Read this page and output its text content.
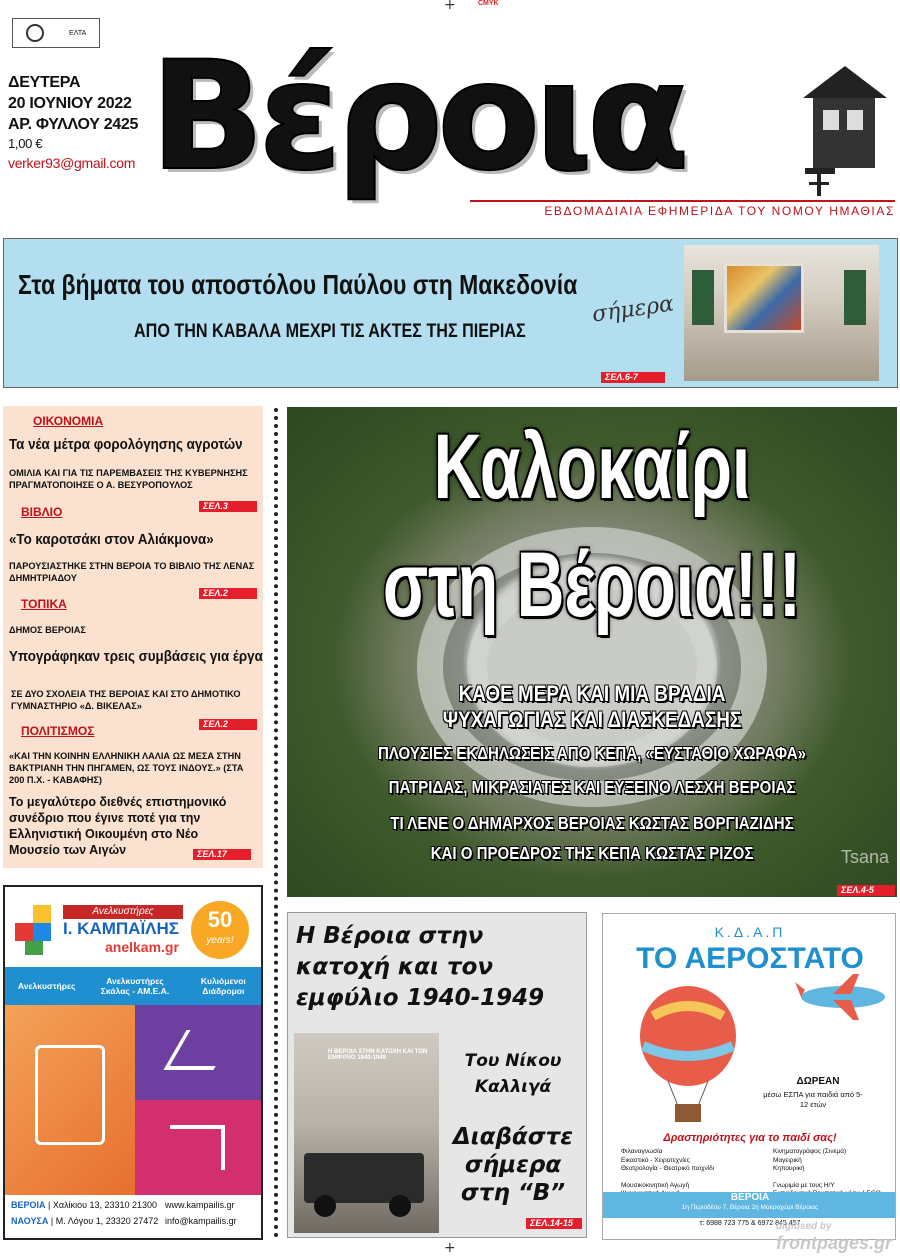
+	CMYK
ΕΛΤΑ
ΔΕΥΤΕΡΑ
20 ΙΟΥΝΙΟΥ 2022
ΑΡ. ΦΥΛΛΟΥ 2425
1,00 €
verker93@gmail.com Βέροια
ΕΒΔΟΜΑΔΙΑΙΑ ΕΦΗΜΕΡΙΔΑ ΤΟΥ ΝΟΜΟΥ ΗΜΑΘΙΑΣ
Στα βήματα του αποστόλου Παύλου στη Μακεδονία
σήμερα
ΑΠΟ ΤΗΝ ΚΑΒΑΛΑ ΜΕΧΡΙ ΤΙΣ ΑΚΤΕΣ ΤΗΣ ΠΙΕΡΙΑΣ
ΣΕΛ.6-7
ΟΙΚΟΝΟΜΙΑ
Τα νέα μέτρα φορολόγησης αγροτών
ΟΜΙΛΙΑ ΚΑΙ ΓΙΑ ΤΙΣ ΠΑΡΕΜΒΑΣΕΙΣ ΤΗΣ ΚΥΒΕΡΝΗΣΗΣ ΠΡΑΓΜΑΤΟΠΟΙΗΣΕ Ο Α. ΒΕΣΥΡΟΠΟΥΛΟΣ
ΣΕΛ.3
ΒΙΒΛΙΟ
«Το καροτσάκι στον Αλιάκμονα»
ΠΑΡΟΥΣΙΑΣΤΗΚΕ ΣΤΗΝ ΒΕΡΟΙΑ ΤΟ ΒΙΒΛΙΟ ΤΗΣ ΛΕΝΑΣ ΔΗΜΗΤΡΙΑΔΟΥ
ΣΕΛ.2
ΤΟΠΙΚΑ
ΔΗΜΟΣ ΒΕΡΟΙΑΣ
Υπογράφηκαν τρεις συμβάσεις για έργα
ΣΕ ΔΥΟ ΣΧΟΛΕΙΑ ΤΗΣ ΒΕΡΟΙΑΣ ΚΑΙ ΣΤΟ ΔΗΜΟΤΙΚΟ ΓΥΜΝΑΣΤΗΡΙΟ «Δ. ΒΙΚΕΛΑΣ»
ΣΕΛ.2
ΠΟΛΙΤΙΣΜΟΣ
«ΚΑΙ ΤΗΝ ΚΟΙΝΗΝ ΕΛΛΗΝΙΚΗ ΛΑΛΙΑ ΩΣ ΜΕΣΑ ΣΤΗΝ ΒΑΚΤΡΙΑΝΗ ΤΗΝ ΠΗΓΑΜΕΝ, ΩΣ ΤΟΥΣ ΙΝΔΟΥΣ.» (ΣΤΑ 200 Π.Χ. - ΚΑΒΑΦΗΣ)
Το μεγαλύτερο διεθνές επιστημονικό συνέδριο που έγινε ποτέ για την Ελληνιστική Οικουμένη στο Νέο Μουσείο των Αιγών	ΣΕΛ.17
Καλοκαίρι
στη Βέροια!!!
ΚΑΘΕ ΜΕΡΑ ΚΑΙ ΜΙΑ ΒΡΑΔΙΑ
ΨΥΧΑΓΩΓΙΑΣ ΚΑΙ ΔΙΑΣΚΕΔΑΣΗΣ
ΠΛΟΥΣΙΕΣ ΕΚΔΗΛΩΣΕΙΣ ΑΠΟ ΚΕΠΑ, «ΕΥΣΤΑΘΙΟ ΧΩΡΑΦΑ»
ΠΑΤΡΙΔΑΣ, ΜΙΚΡΑΣΙΑΤΕΣ ΚΑΙ ΕΥΞΕΙΝΟ ΛΕΣΧΗ ΒΕΡΟΙΑΣ
ΤΙ ΛΕΝΕ Ο ΔΗΜΑΡΧΟΣ ΒΕΡΟΙΑΣ ΚΩΣΤΑΣ ΒΟΡΓΙΑΖΙΔΗΣ
ΚΑΙ Ο ΠΡΟΕΔΡΟΣ ΤΗΣ ΚΕΠΑ ΚΩΣΤΑΣ ΡΙΖΟΣ	Tsana
ΣΕΛ.4-5
Ανελκυστήρες
Ι. ΚΑΜΠΑΪΛΗΣ
anelkam.gr
50
years!
Ανελκυστήρες	Ανελκυστήρες Σκάλας - ΑΜ.Ε.Α.
Κυλιόμενοι Διάδρομοι
ΒΕΡΟΙΑ | Χαλίκιου 13, 23310 21300
ΝΑΟΥΣΑ | Μ. Λόγου 1, 23320 27472
www.kampailis.gr
info@kampailis.gr
Η Βέροια στην κατοχή και τον εμφύλιο 1940-1949
Η ΒΕΡΟΙΑ ΣΤΗΝ ΚΑΤΟΧΗ ΚΑΙ ΤΟΝ ΕΜΦΥΛΙΟ 1940-1949	Του Νίκου Καλλιγά
Διαβάστε σήμερα στη “Β”
ΣΕΛ.14-15
Κ.Δ.Α.Π
ΤΟ ΑΕΡΟΣΤΑΤΟ
ΔΩΡΕΑΝ
μέσω ΕΣΠΑ για παιδιά από 5-12 ετών
Δραστηριότητες για το παιδί σας!
Φιλαναγνωσία
Εικαστικό - Χειροτεχνίες
Θεατρολογία - Θεατρικό παιχνίδι
Μουσικοκινητική Αγωγή
Κινηματογράφος (Σινεμά)
Μαγειρική
Κηπουρική
Γνωριμία με τους Η/Υ
ΒΕΡΟΙΑ
1η Περιοδέου 7, Βέροια 2η Μακροχώρι Βέροιας
τ: 6988 723 775 & 6972 845 457
+
digitised by
frontpages.gr
